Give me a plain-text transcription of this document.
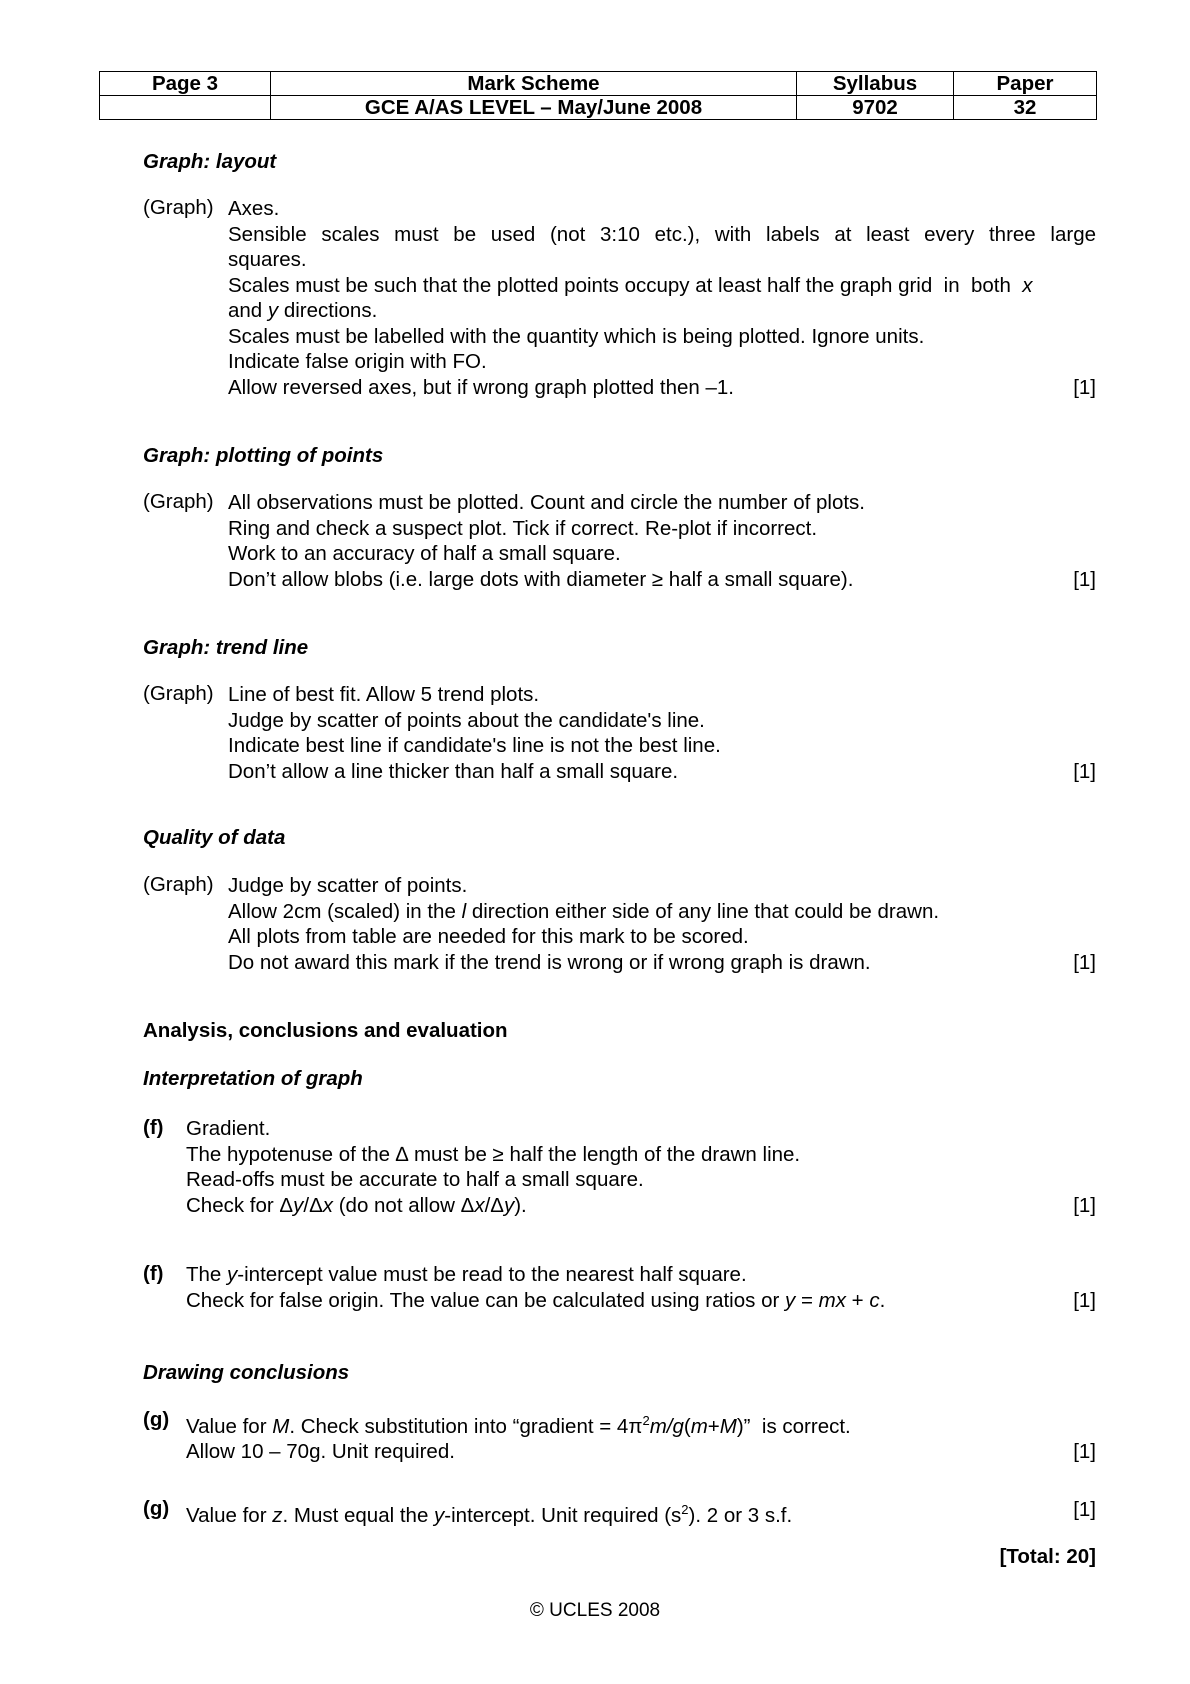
Page 3	Mark Scheme	Syllabus	Paper
	GCE A/AS LEVEL – May/June 2008	9702	32
Graph: layout
(Graph) Axes.
Sensible scales must be used (not 3:10 etc.), with labels at least every three large
squares.
Scales must be such that the plotted points occupy at least half the graph grid  in  both  x
and y directions.
Scales must be labelled with the quantity which is being plotted. Ignore units.
Indicate false origin with FO.
Allow reversed axes, but if wrong graph plotted then –1.	[1]
Graph: plotting of points
(Graph) All observations must be plotted. Count and circle the number of plots.
Ring and check a suspect plot. Tick if correct. Re-plot if incorrect.
Work to an accuracy of half a small square.
Don’t allow blobs (i.e. large dots with diameter ≥ half a small square).	[1]
Graph: trend line
(Graph) Line of best fit. Allow 5 trend plots.
Judge by scatter of points about the candidate's line.
Indicate best line if candidate's line is not the best line.
Don’t allow a line thicker than half a small square.	[1]
Quality of data
(Graph) Judge by scatter of points.
Allow 2cm (scaled) in the l direction either side of any line that could be drawn.
All plots from table are needed for this mark to be scored.
Do not award this mark if the trend is wrong or if wrong graph is drawn.	[1]
Analysis, conclusions and evaluation
Interpretation of graph
(f) Gradient.
The hypotenuse of the ∆ must be ≥ half the length of the drawn line.
Read-offs must be accurate to half a small square.
Check for Δy/Δx (do not allow Δx/Δy).	[1]
(f) The y-intercept value must be read to the nearest half square.
Check for false origin. The value can be calculated using ratios or y = mx + c.	[1]
Drawing conclusions
(g) Value for M. Check substitution into “gradient = $4\pi^2m/g(m+M)$”  is correct.
Allow 10 – 70g. Unit required.	[1]
(g) Value for z. Must equal the y-intercept. Unit required $(s^2)$. 2 or 3 s.f.	[1]
[Total: 20]
© UCLES 2008
